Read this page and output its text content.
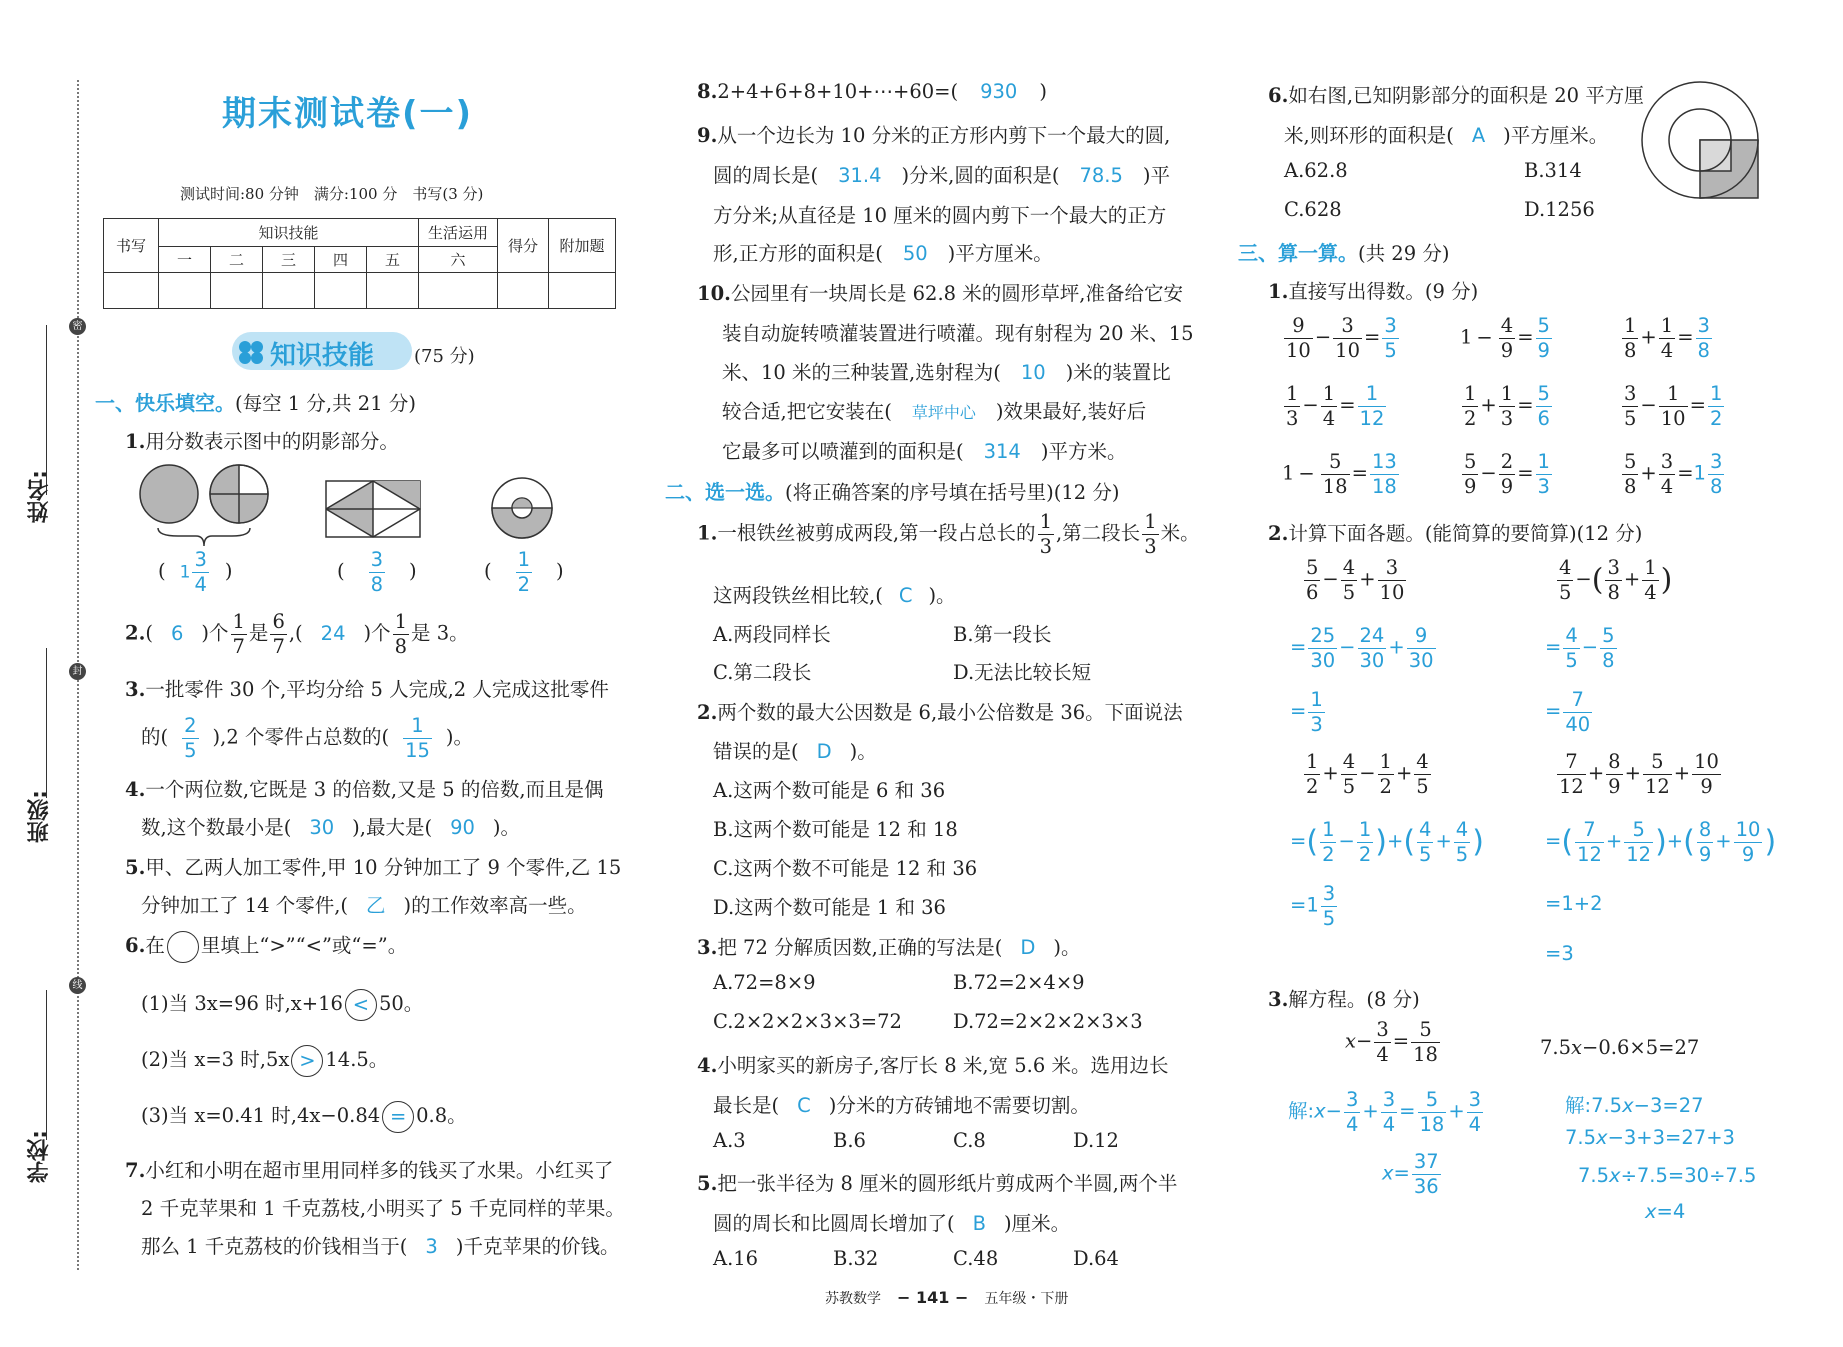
姓名:
班级:
学校:
密
封
线
期末测试卷(一)
测试时间:80 分钟　满分:100 分　书写(3 分)
书写	知识技能					生活运用	得分	附加题
	一	二	三	四	五	六		

知识技能 (75 分)
一、快乐填空。(每空 1 分,共 21 分)
1.用分数表示图中的阴影部分。
( $1 \frac{3}{4}$ )	( $\frac{3}{8}$ )	( $\frac{1}{2}$ )
2.( 6 )个 $\frac{1}{7}$ 是 $\frac{6}{7}$ ,( 24 )个 $\frac{1}{8}$ 是 3。
3.一批零件 30 个,平均分给 5 人完成,2 人完成这批零件
的( $\frac{2}{5} ),2$ 个零件占总数的( $\frac{1}{15}$ )。
4.一个两位数,它既是 3 的倍数,又是 5 的倍数,而且是偶
数,这个数最小是( 30 ),最大是( 90 )。
5.甲、乙两人加工零件,甲 10 分钟加工了 9 个零件,乙 15
分钟加工了 14 个零件,( 乙 )的工作效率高一些。
6.在 里填上“>”“<”或“=”。
(1)当 3x=96 时,x+16 < 50。
(2)当 x=3 时,5x > 14.5。
(3)当 x=0.41 时,4x−0.84 = 0.8。
7.小红和小明在超市里用同样多的钱买了水果。小红买了
2 千克苹果和 1 千克荔枝,小明买了 5 千克同样的苹果。
那么 1 千克荔枝的价钱相当于( 3 )千克苹果的价钱。
8.2+4+6+8+10+⋯+60=( 930 )
9.从一个边长为 10 分米的正方形内剪下一个最大的圆,
圆的周长是( 31.4 )分米,圆的面积是( 78.5 )平
方分米;从直径是 10 厘米的圆内剪下一个最大的正方
形,正方形的面积是( 50 )平方厘米。
10.公园里有一块周长是 62.8 米的圆形草坪,准备给它安
装自动旋转喷灌装置进行喷灌。现有射程为 20 米、15
米、10 米的三种装置,选射程为( 10 )米的装置比
较合适,把它安装在( 草坪中心 )效果最好,装好后
它最多可以喷灌到的面积是( 314 )平方米。
二、选一选。(将正确答案的序号填在括号里)(12 分)
1.一根铁丝被剪成两段,第一段占总长的 $\frac{1}{3}$ ,第二段长 $\frac{1}{3}$ 米。
这两段铁丝相比较,( C )。
A.两段同样长	B.第一段长
C.第二段长	D.无法比较长短
2.两个数的最大公因数是 6,最小公倍数是 36。下面说法
错误的是( D )。
A.这两个数可能是 6 和 36
B.这两个数可能是 12 和 18
C.这两个数不可能是 12 和 36
D.这两个数可能是 1 和 36
3.把 72 分解质因数,正确的写法是( D )。
A.72=8×9	B.72=2×4×9
C.2×2×2×3×3=72	D.72=2×2×2×3×3
4.小明家买的新房子,客厅长 8 米,宽 5.6 米。选用边长
最长是( C )分米的方砖铺地不需要切割。
A.3	B.6	C.8	D.12
5.把一张半径为 8 厘米的圆形纸片剪成两个半圆,两个半
圆的周长和比圆周长增加了( B )厘米。
A.16	B.32	C.48	D.64
苏教数学 − 141 − 五年级・下册
6.如右图,已知阴影部分的面积是 20 平方厘
米,则环形的面积是( A )平方厘米。
A.62.8	B.314
C.628	D.1256
三、算一算。(共 29 分)
1.直接写出得数。(9 分)
$\frac{9}{10} - \frac{3}{10} = \frac{3}{5}$	$1 - \frac{4}{9} = \frac{5}{9}$	$\frac{1}{8} + \frac{1}{4} = \frac{3}{8}$
$\frac{1}{3} - \frac{1}{4} = \frac{1}{12}$	$\frac{1}{2} + \frac{1}{3} = \frac{5}{6}$	$\frac{3}{5} - \frac{1}{10} = \frac{1}{2}$
$1 - \frac{5}{18} = \frac{13}{18}$	$\frac{5}{9} - \frac{2}{9} = \frac{1}{3}$	$\frac{5}{8} + \frac{3}{4} =1 \frac{3}{8}$
2.计算下面各题。(能简算的要简算)(12 分)
$\frac{5}{6} - \frac{4}{5} + \frac{3}{10}$
= $\frac{25}{30} - \frac{24}{30} + \frac{9}{30}$
= $\frac{1}{3}$
$\frac{4}{5}$ −( $\frac{3}{8} + \frac{1}{4}$ )
= $\frac{4}{5} - \frac{5}{8}$
= $\frac{7}{40}$
$\frac{1}{2} + \frac{4}{5} - \frac{1}{2} + \frac{4}{5}$
=( $\frac{1}{2} - \frac{1}{2}$ )+( $\frac{4}{5} + \frac{4}{5}$ )
$=1 \frac{3}{5}$
$\frac{7}{12} + \frac{8}{9} + \frac{5}{12} + \frac{10}{9}$
=( $\frac{7}{12} + \frac{5}{12}$ )+( $\frac{8}{9} + \frac{10}{9}$ )
=1+2
=3
3.解方程。(8 分)
$x- \frac{3}{4} = \frac{5}{18}$
解:x− $\frac{3}{4} + \frac{3}{4} = \frac{5}{18} + \frac{3}{4}$
$x= \frac{37}{36}$
7.5x−0.6×5=27
解:7.5x−3=27
7.5x−3+3=27+3
7.5x÷7.5=30÷7.5
x=4
